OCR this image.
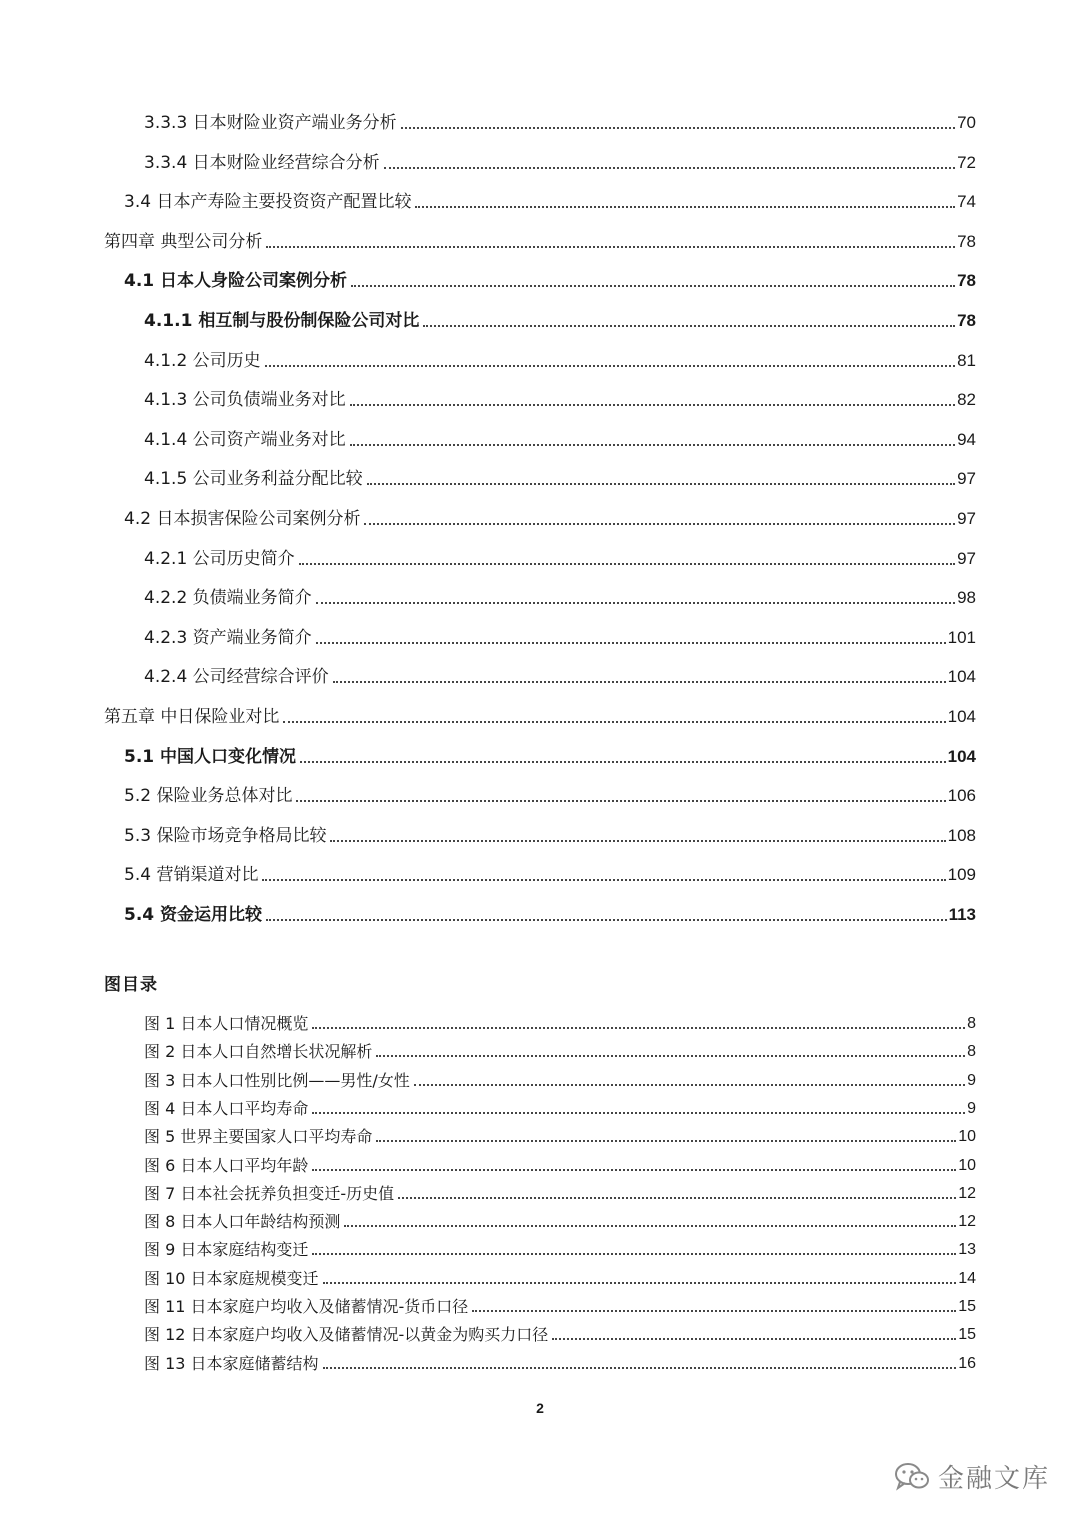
3.3.3 日本财险业资产端业务分析	70
3.3.4 日本财险业经营综合分析	72
3.4 日本产寿险主要投资资产配置比较	74
第四章 典型公司分析	78
4.1 日本人身险公司案例分析	78
4.1.1 相互制与股份制保险公司对比	78
4.1.2 公司历史	81
4.1.3 公司负债端业务对比	82
4.1.4 公司资产端业务对比	94
4.1.5 公司业务利益分配比较	97
4.2 日本损害保险公司案例分析	97
4.2.1 公司历史简介	97
4.2.2 负债端业务简介	98
4.2.3 资产端业务简介	101
4.2.4 公司经营综合评价	104
第五章 中日保险业对比	104
5.1 中国人口变化情况	104
5.2 保险业务总体对比	106
5.3 保险市场竞争格局比较	108
5.4 营销渠道对比	109
5.4 资金运用比较	113
图目录
图 1 日本人口情况概览	8
图 2 日本人口自然增长状况解析	8
图 3 日本人口性别比例——男性/女性	9
图 4 日本人口平均寿命	9
图 5 世界主要国家人口平均寿命	10
图 6 日本人口平均年龄	10
图 7 日本社会抚养负担变迁-历史值	12
图 8 日本人口年龄结构预测	12
图 9 日本家庭结构变迁	13
图 10 日本家庭规模变迁	14
图 11 日本家庭户均收入及储蓄情况-货币口径	15
图 12 日本家庭户均收入及储蓄情况-以黄金为购买力口径	15
图 13 日本家庭储蓄结构	16
2
金融文库
